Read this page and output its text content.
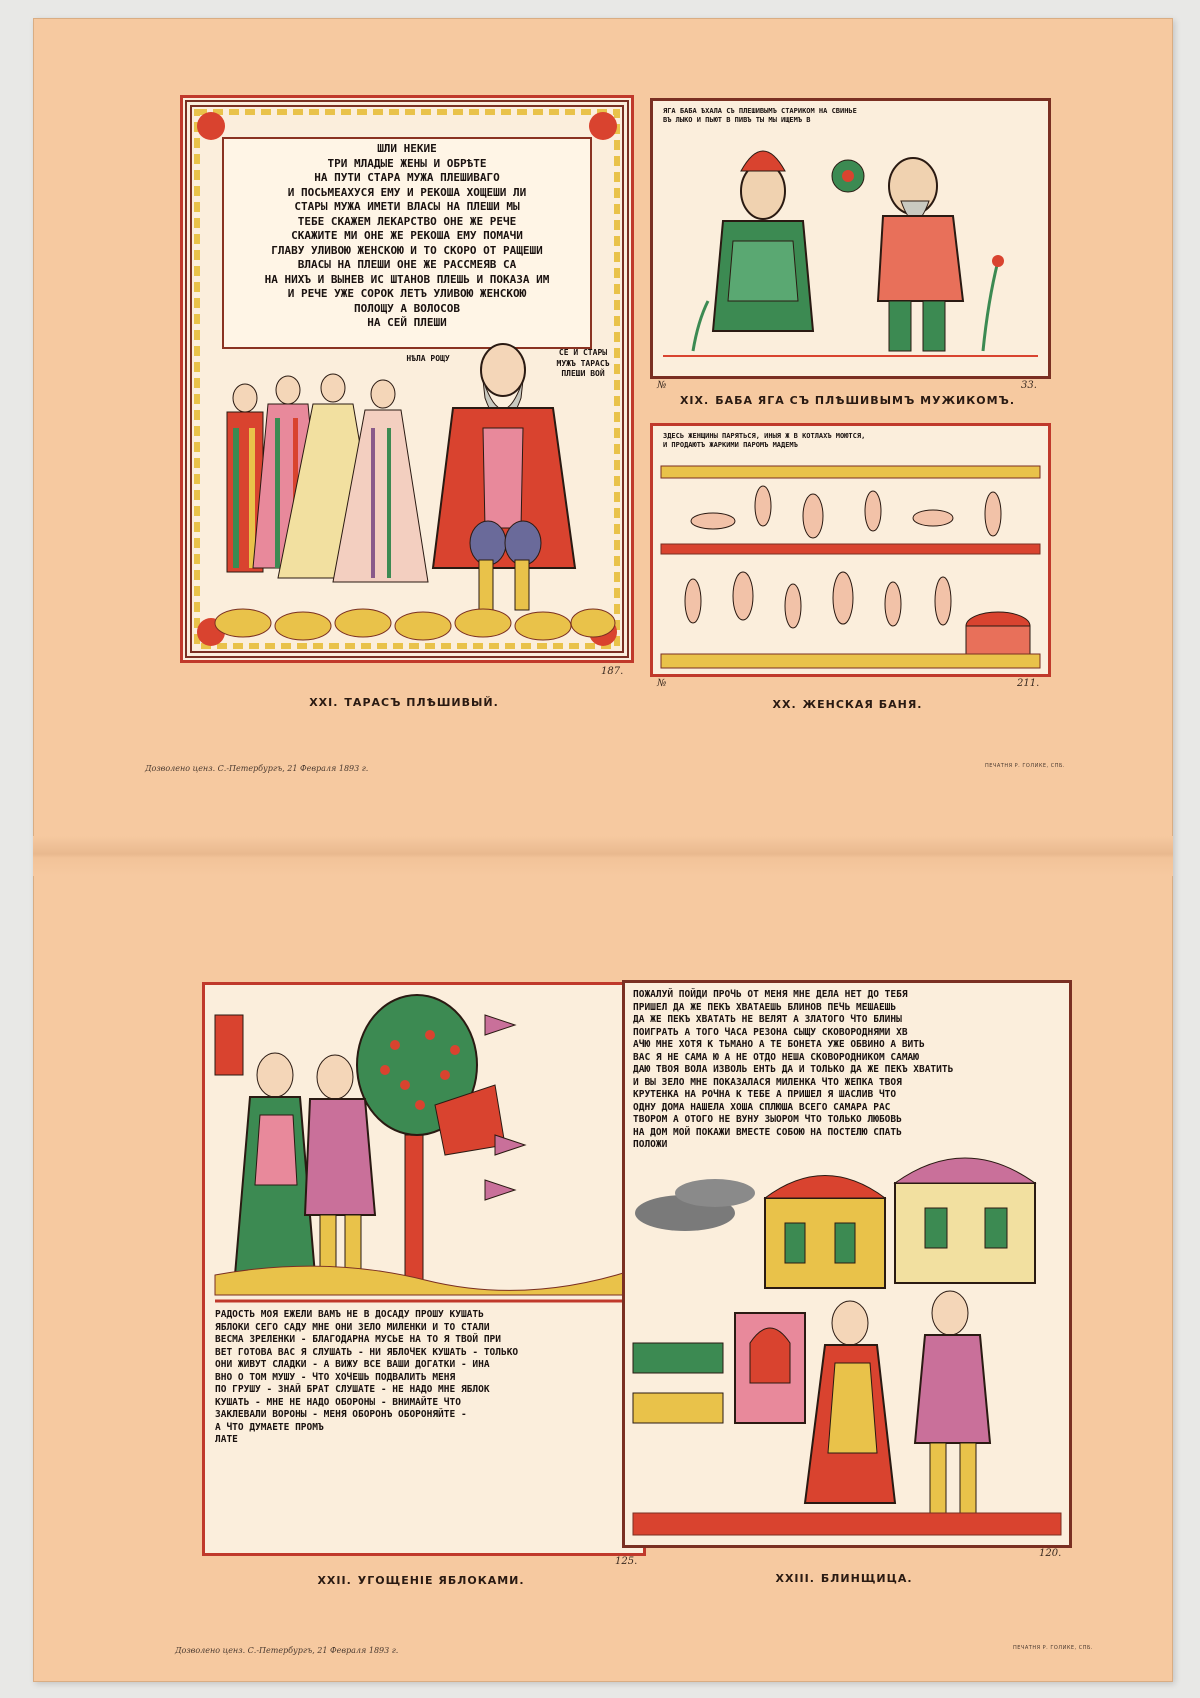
ШЛИ НЕКИЕ
ТРИ МЛАДЫЕ ЖЕНЫ И ОБРѢТЕ
НА ПУТИ СТАРА МУЖА ПЛЕШИВАГO
И ПОСЬМЕАХУСЯ ЕМУ И РЕКОША ХОЩЕШИ ЛИ
СТАРЫ МУЖА ИМЕТИ ВЛАСЫ НА ПЛЕШИ МЫ
ТЕБЕ СКАЖЕМ ЛЕКАРСТВО ОНЕ ЖЕ РЕЧЕ
СКАЖИТЕ МИ ОНЕ ЖЕ РЕКОША ЕМУ ПОМАЧИ
ГЛАВУ УЛИВОЮ ЖЕНСКОЮ И ТО СКОРО ОТ РАЩЕШИ
ВЛАСЫ НА ПЛЕШИ ОНЕ ЖЕ РАССМЕЯВ СА
НА НИХЪ И ВЫНЕВ ИС ШТАНОВ ПЛЕШЬ И ПОКАЗА ИМ
И РЕЧЕ УЖЕ СОРОК ЛЕТЪ УЛИВОЮ ЖЕНСКОЮ
ПОЛОЩУ А ВОЛОСОВ
НА СЕЙ ПЛЕШИ
НѢЛА РОЩУ
СЕ И СТАРЫ МУЖЪ ТАРАСЪ ПЛЕШИ ВОЙ
XXI. ТАРАСЪ ПЛѢШИВЫЙ.
187.
ЯГА БАБА ѢХАЛА СЪ ПЛЕШИВЫМЪ СТАРИКОМ НА СВИНЬЕ
ВЪ ЛЫКО И ПЬЮТ В ПИВЪ ТЫ МЫ ИЩЕМЪ В
№	33.
XIX. БАБА ЯГА СЪ ПЛѢШИВЫМЪ МУЖИКОМЪ.
ЗДЕСЬ ЖЕНЩИНЫ ПАРЯТЬСЯ, ИНЫЯ Ж В КОТЛАХЪ МОЮТСЯ,
И ПРОДАЮТЪ ЖАРКИМИ ПАРОМЪ МАДЕМЪ
№	211.
XX. ЖЕНСКАЯ БАНЯ.
Дозволено ценз. С.-Петербургъ, 21 Февраля 1893 г.	ПЕЧАТНЯ Р. ГОЛИКЕ, СПБ.
РАДОСТЬ МОЯ ЕЖЕЛИ ВАМЪ НЕ В ДОСАДУ ПРОШУ КУШАТЬ
ЯБЛОКИ СЕГО САДУ МНЕ ОНИ ЗЕЛО МИЛЕНКИ И ТО СТАЛИ
ВЕСМА ЗРЕЛЕНКИ - БЛАГОДАРНА МУСЬЕ НА ТО Я ТВОЙ ПРИ
ВЕТ ГОТОВА ВАС Я СЛУШАТЬ - НИ ЯБЛОЧЕК КУШАТЬ - ТОЛЬКО
ОНИ ЖИВУТ СЛАДКИ - А ВИЖУ ВСЕ ВАШИ ДОГАТКИ - ИНА
ВНО О ТОМ МУШУ - ЧТО ХОЧЕШЬ ПОДВАЛИТЬ МЕНЯ
ПО ГРУШУ - ЗНАЙ БРАТ СЛУШАТЕ - НЕ НАДО МНЕ ЯБЛОК
КУШАТЬ - МНЕ НЕ НАДО ОБОРОНЫ - ВНИМАЙТЕ ЧТО
ЗАКЛЕВАЛИ ВОРОНЫ - МЕНЯ ОБОРОНЪ ОБОРОНЯЙТЕ -
А ЧТО ДУМАЕТЕ ПРОМЪ
ЛАТЕ
125.
XXII. УГОЩЕНIЕ ЯБЛОКАМИ.
ПОЖАЛУЙ ПОЙДИ ПРОЧЬ ОТ МЕНЯ МНЕ ДЕЛА НЕТ ДО ТЕБЯ
ПРИШЕЛ ДА ЖЕ ПЕКЪ ХВАТАЕШЬ БЛИНОВ ПЕЧЬ МЕШАЕШЬ
ДА ЖЕ ПЕКЪ ХВАТАТЬ НЕ ВЕЛЯТ А ЗЛАТОГО ЧТО БЛИНЫ
ПОИГРАТЬ А ТОГО ЧАСА РЕЗОНА СЫЩУ СКОВОРОДНЯМИ ХВ
АЧЮ МНЕ ХОТЯ К ТЬМАНО А ТЕ БОНЕТА УЖЕ ОБВИНО А ВИТЬ
ВАС Я НЕ САМА Ю А НЕ ОТДО НЕША СКОВОРОДНИКОМ САМАЮ
ДАЮ ТВОЯ ВОЛА ИЗВОЛЬ ЕНТЬ ДА И ТОЛЬКО ДА ЖЕ ПЕКЪ ХВАТИТЬ
И ВЫ ЗЕЛО МНЕ ПОКАЗАЛАСЯ МИЛЕНКА ЧТО ЖЕПКА ТВОЯ
КРУТЕНКА НА РОЧНА К ТЕБЕ А ПРИШЕЛ Я ШАСЛИВ ЧТО
ОДНУ ДОМА НАШЕЛА ХОША СПЛЮША ВСЕГО САМАРА РАС
ТВОРОМ А ОТОГО НЕ ВУНУ ЗЫОРОМ ЧТО ТОЛЬКО ЛЮБОВЬ
НА ДОМ МОЙ ПОКАЖИ ВМЕСТЕ СОБОЮ НА ПОСТЕЛЮ СПАТЬ
ПОЛОЖИ
120.
XXIII. БЛИНЩИЦА.
Дозволено ценз. С.-Петербургъ, 21 Февраля 1893 г.	ПЕЧАТНЯ Р. ГОЛИКЕ, СПБ.
